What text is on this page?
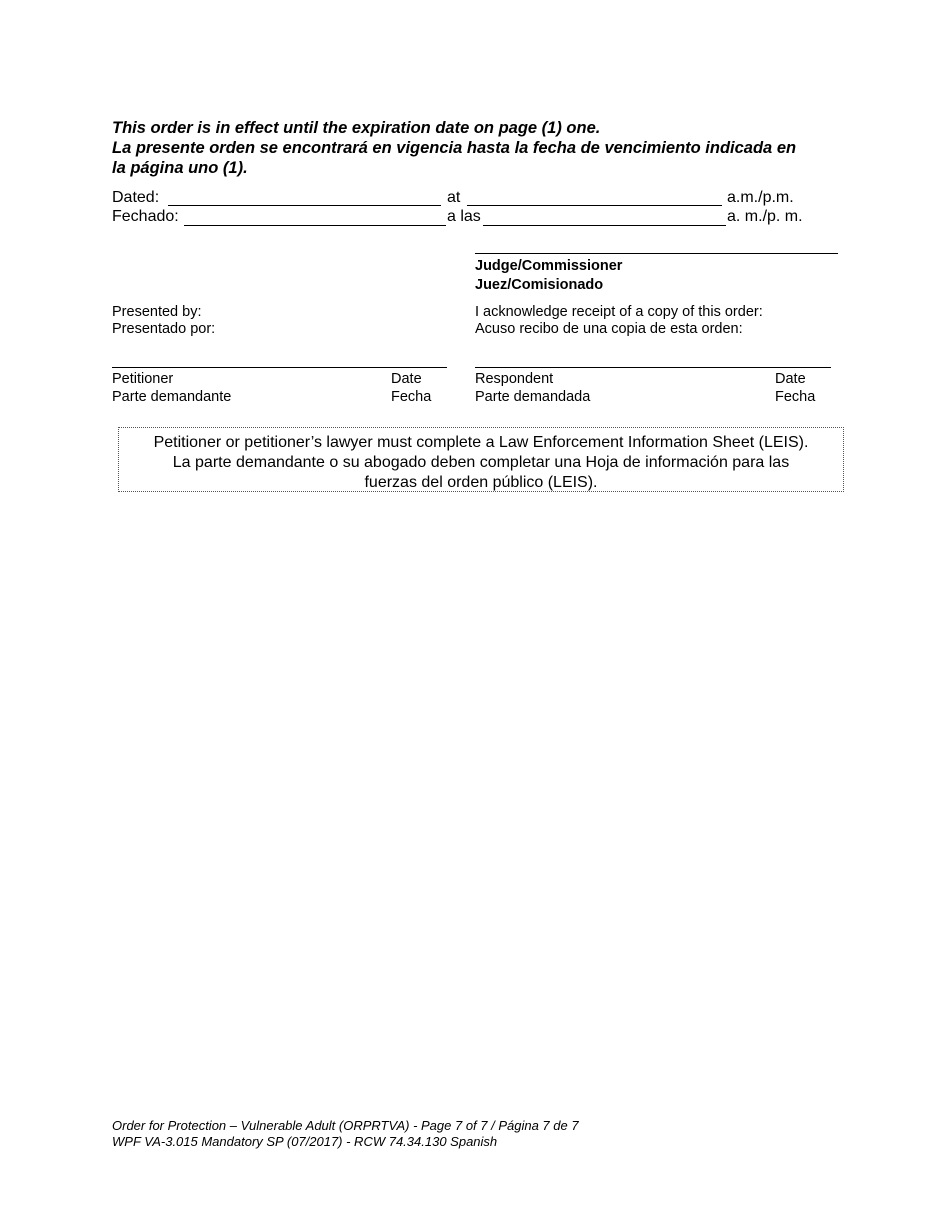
This order is in effect until the expiration date on page (1) one.
La presente orden se encontrará en vigencia hasta la fecha de vencimiento indicada en
la página uno (1).
Dated:	at	a.m./p.m.
Fechado:	a las	a. m./p. m.
Judge/Commissioner
Juez/Comisionado
Presented by:
Presentado por:
I acknowledge receipt of a copy of this order:
Acuso recibo de una copia de esta orden:
Petitioner
Parte demandante
Date
Fecha
Respondent
Parte demandada
Date
Fecha
Petitioner or petitioner’s lawyer must complete a Law Enforcement Information Sheet (LEIS).
La parte demandante o su abogado deben completar una Hoja de información para las
fuerzas del orden público (LEIS).
Order for Protection – Vulnerable Adult (ORPRTVA) - Page 7 of 7 / Página 7 de 7
WPF VA-3.015 Mandatory SP (07/2017) - RCW 74.34.130 Spanish
